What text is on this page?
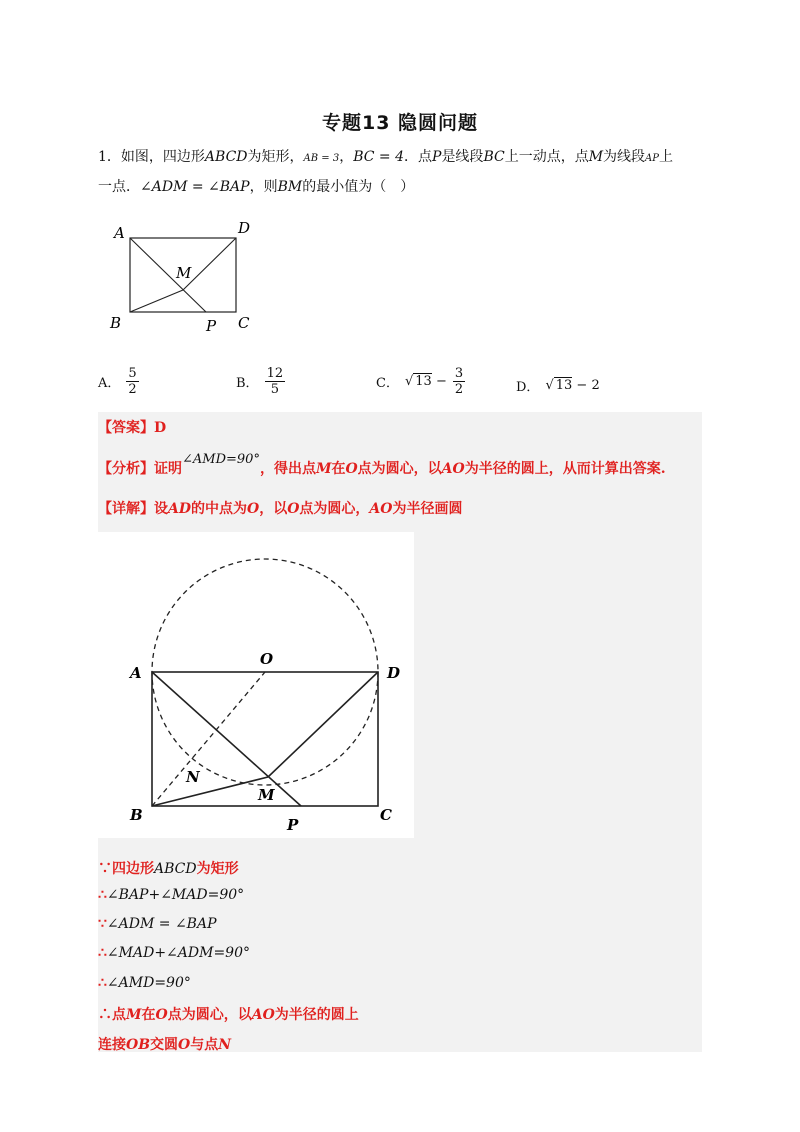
专题13 隐圆问题
1．如图，四边形ABCD为矩形，AB = 3，BC = 4．点P是线段BC上一动点，点M为线段AP上
一点．∠ADM = ∠BAP，则BM的最小值为（　）
A	D
M
B	P C
A． $\frac{5}{2}$	B． $\frac{12}{5}$	C． √ $13 - \frac{3}{2}$	D． √ 13 − 2
【答案】D
【分析】证明∠AMD=90°，得出点M在O点为圆心，以AO为半径的圆上，从而计算出答案.
【详解】设AD的中点为O，以O点为圆心，AO为半径画圆
A
O
D
N
M
B
P
C
∵四边形ABCD为矩形
∴∠BAP+∠MAD=90°
∵∠ADM = ∠BAP
∴∠MAD+∠ADM=90°
∴∠AMD=90°
∴点M在O点为圆心，以AO为半径的圆上
连接OB交圆O与点N
